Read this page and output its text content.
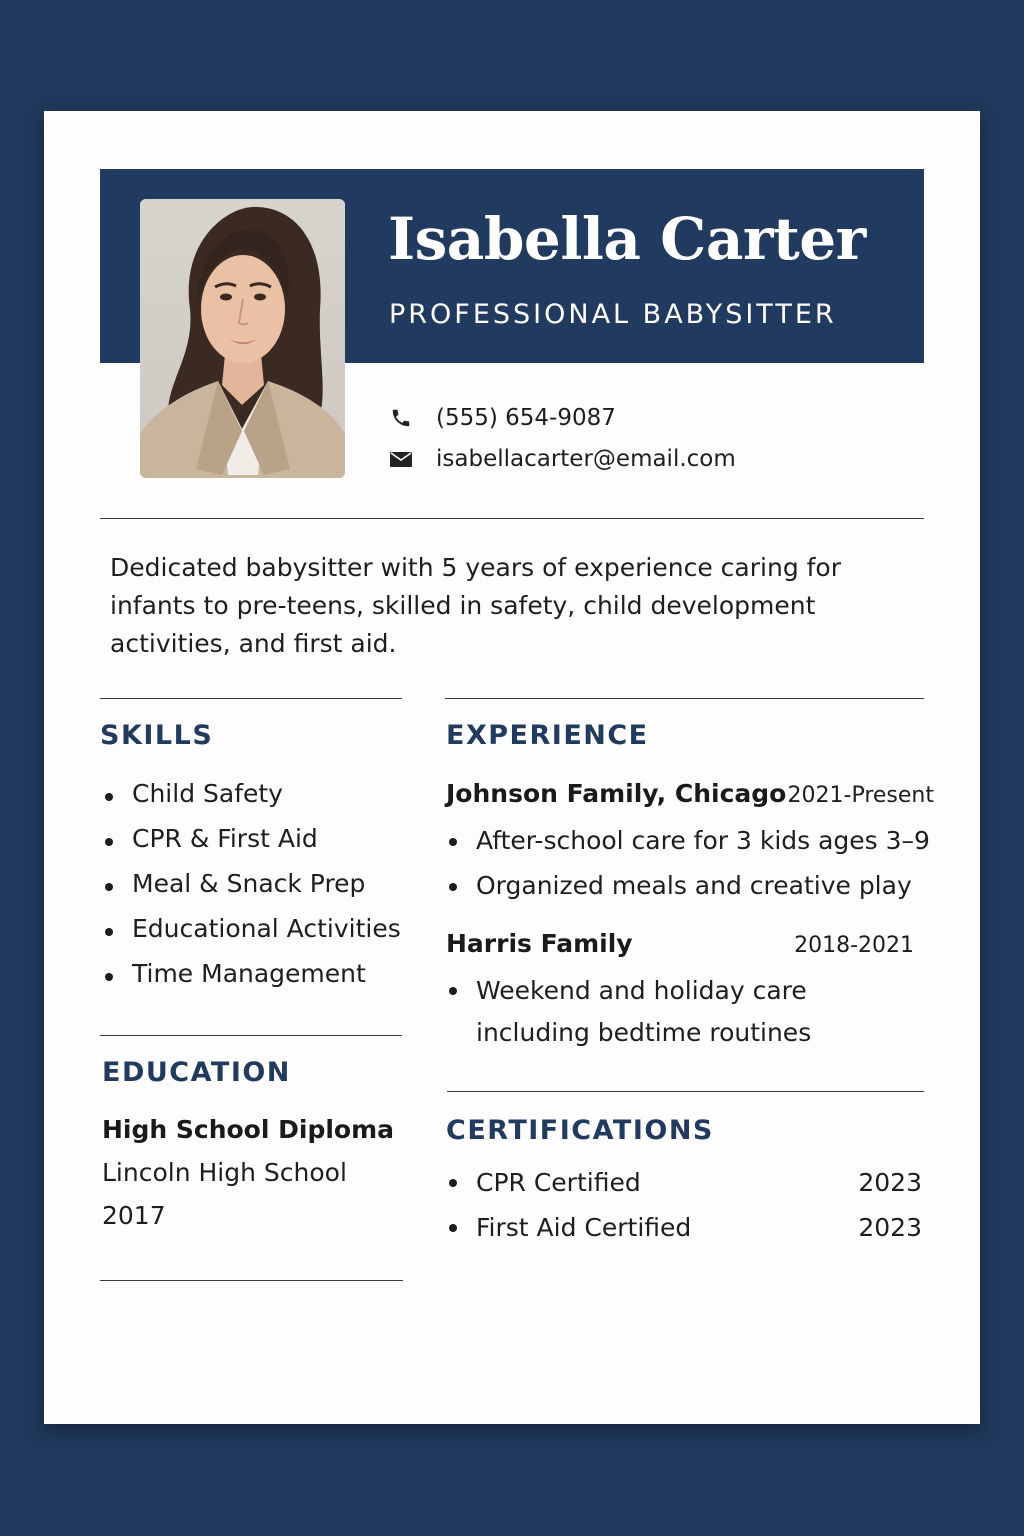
Isabella Carter
PROFESSIONAL BABYSITTER
(555) 654-9087
isabellacarter@email.com

Dedicated babysitter with 5 years of experience caring for infants to pre-teens, skilled in safety, child development activities, and first aid.

SKILLS
Child Safety
CPR & First Aid
Meal & Snack Prep
Educational Activities
Time Management
EDUCATION
High School Diploma
Lincoln High School
2017
EXPERIENCE
Johnson Family, Chicago 2021-Present
After-school care for 3 kids ages 3–9
Organized meals and creative play
Harris Family	2018-2021
Weekend and holiday care
including bedtime routines
CERTIFICATIONS
CPR Certified	2023
First Aid Certified	2023
